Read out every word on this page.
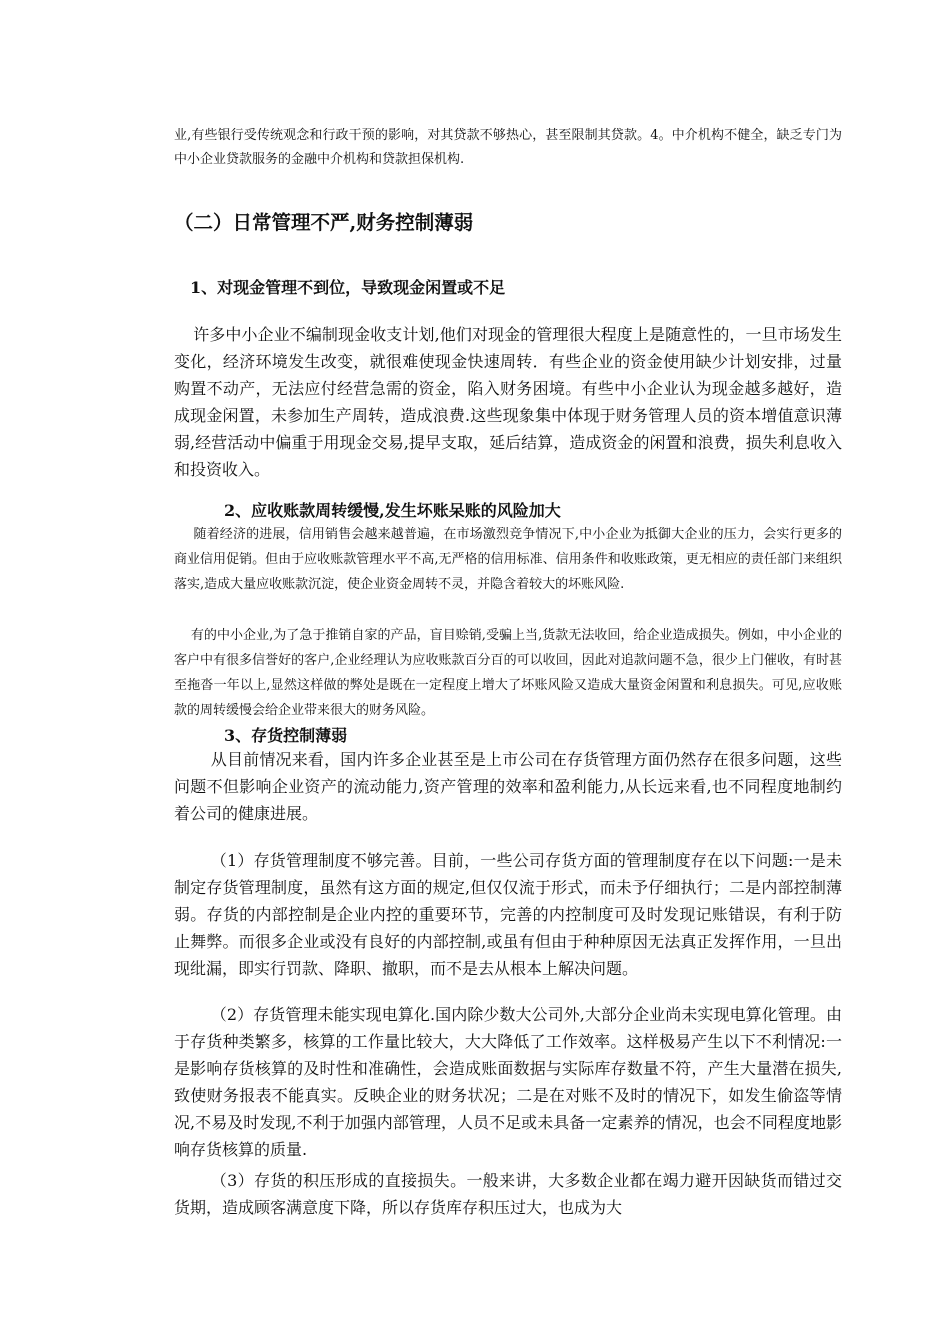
业,有些银行受传统观念和行政干预的影响，对其贷款不够热心，甚至限制其贷款。4。中介机构不健全，缺乏专门为中小企业贷款服务的金融中介机构和贷款担保机构.

（二）日常管理不严,财务控制薄弱

1、对现金管理不到位，导致现金闲置或不足

许多中小企业不编制现金收支计划,他们对现金的管理很大程度上是随意性的，一旦市场发生变化，经济环境发生改变，就很难使现金快速周转．有些企业的资金使用缺少计划安排，过量购置不动产，无法应付经营急需的资金，陷入财务困境。有些中小企业认为现金越多越好，造成现金闲置，未参加生产周转，造成浪费.这些现象集中体现于财务管理人员的资本增值意识薄弱,经营活动中偏重于用现金交易,提早支取，延后结算，造成资金的闲置和浪费，损失利息收入和投资收入。

2、应收账款周转缓慢,发生坏账呆账的风险加大

随着经济的进展，信用销售会越来越普遍，在市场激烈竞争情况下,中小企业为抵御大企业的压力，会实行更多的商业信用促销。但由于应收账款管理水平不高,无严格的信用标准、信用条件和收账政策，更无相应的责任部门来组织落实,造成大量应收账款沉淀，使企业资金周转不灵，并隐含着较大的坏账风险.

有的中小企业,为了急于推销自家的产品，盲目赊销,受骗上当,货款无法收回，给企业造成损失。例如，中小企业的客户中有很多信誉好的客户,企业经理认为应收账款百分百的可以收回，因此对追款问题不急，很少上门催收，有时甚至拖沓一年以上,显然这样做的弊处是既在一定程度上增大了坏账风险又造成大量资金闲置和利息损失。可见,应收账款的周转缓慢会给企业带来很大的财务风险。

3、存货控制薄弱

从目前情况来看，国内许多企业甚至是上市公司在存货管理方面仍然存在很多问题，这些问题不但影响企业资产的流动能力,资产管理的效率和盈利能力,从长远来看,也不同程度地制约着公司的健康进展。

（1）存货管理制度不够完善。目前，一些公司存货方面的管理制度存在以下问题:一是未制定存货管理制度，虽然有这方面的规定,但仅仅流于形式，而未予仔细执行；二是内部控制薄弱。存货的内部控制是企业内控的重要环节，完善的内控制度可及时发现记账错误，有利于防止舞弊。而很多企业或没有良好的内部控制,或虽有但由于种种原因无法真正发挥作用，一旦出现纰漏，即实行罚款、降职、撤职，而不是去从根本上解决问题。

（2）存货管理未能实现电算化.国内除少数大公司外,大部分企业尚未实现电算化管理。由于存货种类繁多，核算的工作量比较大，大大降低了工作效率。这样极易产生以下不利情况:一是影响存货核算的及时性和准确性，会造成账面数据与实际库存数量不符，产生大量潜在损失,致使财务报表不能真实。反映企业的财务状况；二是在对账不及时的情况下，如发生偷盗等情况,不易及时发现,不利于加强内部管理，人员不足或未具备一定素养的情况，也会不同程度地影响存货核算的质量.

（3）存货的积压形成的直接损失。一般来讲，大多数企业都在竭力避开因缺货而错过交货期，造成顾客满意度下降，所以存货库存积压过大，也成为大
